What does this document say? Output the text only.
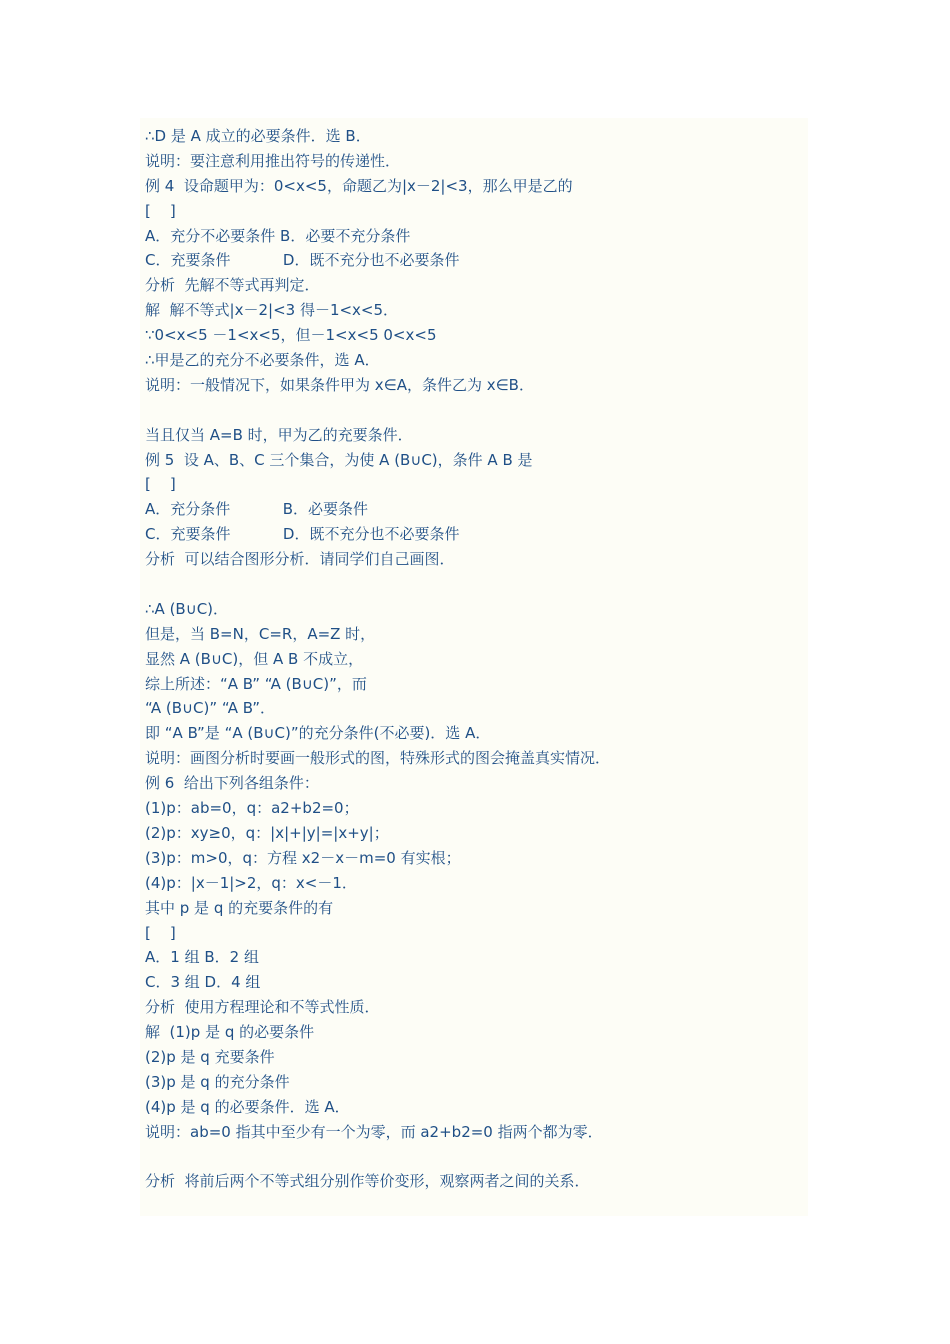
∴D 是 A 成立的必要条件．选 B．
说明：要注意利用推出符号的传递性．
例 4  设命题甲为：0<x<5，命题乙为|x－2|<3，那么甲是乙的
[    ]
A．充分不必要条件 B．必要不充分条件
C．充要条件           D．既不充分也不必要条件
分析  先解不等式再判定．
解  解不等式|x－2|<3 得－1<x<5．
∵0<x<5 －1<x<5，但－1<x<5 0<x<5
∴甲是乙的充分不必要条件，选 A．
说明：一般情况下，如果条件甲为 x∈A，条件乙为 x∈B．
当且仅当 A=B 时，甲为乙的充要条件．
例 5  设 A、B、C 三个集合，为使 A (B∪C)，条件 A B 是
[    ]
A．充分条件           B．必要条件
C．充要条件           D．既不充分也不必要条件
分析  可以结合图形分析．请同学们自己画图．
∴A (B∪C)．
但是，当 B=N，C=R，A=Z 时，
显然 A (B∪C)，但 A B 不成立，
综上所述：“A B” “A (B∪C)”，而
“A (B∪C)” “A B”．
即 “A B”是 “A (B∪C)”的充分条件(不必要)．选 A．
说明：画图分析时要画一般形式的图，特殊形式的图会掩盖真实情况．
例 6  给出下列各组条件：
(1)p：ab=0，q：a2+b2=0；
(2)p：xy≥0，q：|x|+|y|=|x+y|；
(3)p：m>0，q：方程 x2－x－m=0 有实根；
(4)p：|x－1|>2，q：x<－1．
其中 p 是 q 的充要条件的有
[    ]
A．1 组 B．2 组
C．3 组 D．4 组
分析  使用方程理论和不等式性质．
解  (1)p 是 q 的必要条件
(2)p 是 q 充要条件
(3)p 是 q 的充分条件
(4)p 是 q 的必要条件．选 A．
说明：ab=0 指其中至少有一个为零，而 a2+b2=0 指两个都为零．
分析  将前后两个不等式组分别作等价变形，观察两者之间的关系．
